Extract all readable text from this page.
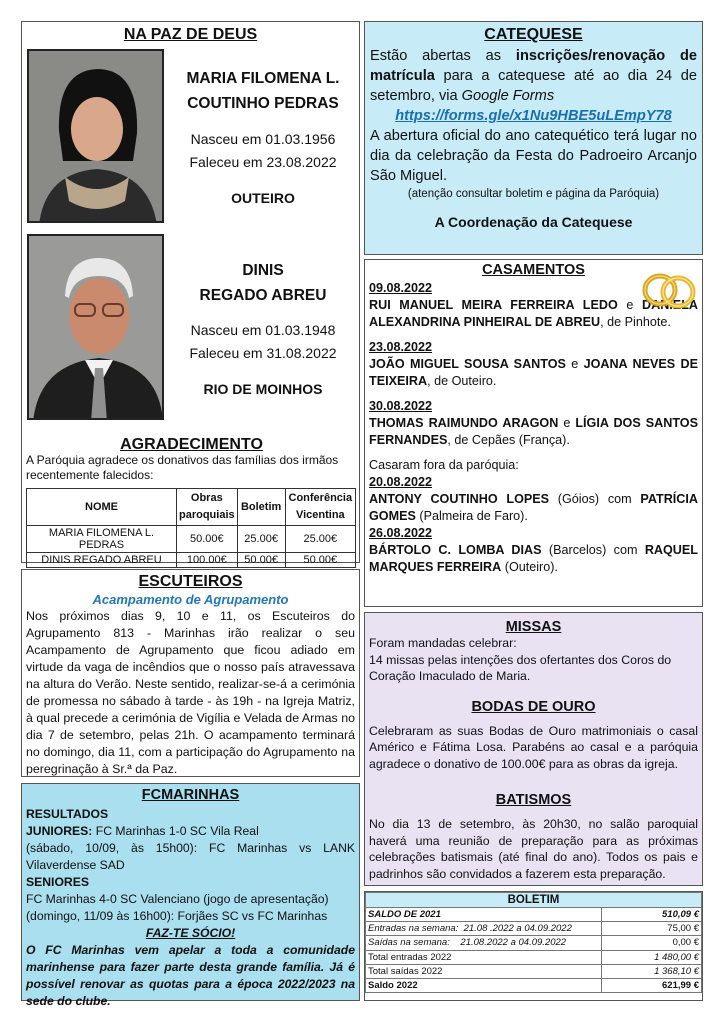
NA PAZ DE DEUS
MARIA FILOMENA L.
COUTINHO PEDRAS
Nasceu em 01.03.1956
Faleceu em 23.08.2022
OUTEIRO
DINIS
REGADO ABREU
Nasceu em 01.03.1948
Faleceu em 31.08.2022
RIO DE MOINHOS
AGRADECIMENTO
A Paróquia agradece os donativos das famílias dos irmãos recentemente falecidos:
NOME	Obras paroquiais	Boletim	Conferência Vicentina
MARIA FILOMENA L. PEDRAS	50.00€	25.00€	25.00€
DINIS REGADO ABREU	100.00€	50.00€	50.00€
ESCUTEIROS
Acampamento de Agrupamento
Nos próximos dias 9, 10 e 11, os Escuteiros do Agrupamento 813 - Marinhas irão realizar o seu Acampamento de Agrupamento que ficou adiado em virtude da vaga de incêndios que o nosso país atravessava na altura do Verão. Neste sentido, realizar-se-á a cerimónia de promessa no sábado à tarde - às 19h - na Igreja Matriz, à qual precede a cerimónia de Vigília e Velada de Armas no dia 7 de setembro, pelas 21h. O acampamento terminará no domingo, dia 11, com a participação do Agrupamento na peregrinação à Sr.ª da Paz.
FCMARINHAS
RESULTADOS
JUNIORES: FC Marinhas 1-0 SC Vila Real
(sábado, 10/09, às 15h00): FC Marinhas vs LANK Vilaverdense SAD
SENIORES
FC Marinhas 4-0 SC Valenciano (jogo de apresentação)
(domingo, 11/09 às 16h00): Forjães SC vs FC Marinhas
FAZ-TE SÓCIO!
O FC Marinhas vem apelar a toda a comunidade marinhense para fazer parte desta grande família. Já é possível renovar as quotas para a época 2022/2023 na sede do clube.
CATEQUESE
Estão abertas as inscrições/renovação de matrícula para a catequese até ao dia 24 de setembro, via Google Forms
https://forms.gle/x1Nu9HBE5uLEmpY78
A abertura oficial do ano catequético terá lugar no dia da celebração da Festa do Padroeiro Arcanjo São Miguel.
(atenção consultar boletim e página da Paróquia)
A Coordenação da Catequese
CASAMENTOS
09.08.2022
RUI MANUEL MEIRA FERREIRA LEDO e DANIELA ALEXANDRINA PINHEIRAL DE ABREU, de Pinhote.
23.08.2022
JOÃO MIGUEL SOUSA SANTOS e JOANA NEVES DE TEIXEIRA, de Outeiro.
30.08.2022
THOMAS RAIMUNDO ARAGON e LÍGIA DOS SANTOS FERNANDES, de Cepães (França).
Casaram fora da paróquia:
20.08.2022
ANTONY COUTINHO LOPES (Góios) com PATRÍCIA GOMES (Palmeira de Faro).
26.08.2022
BÁRTOLO C. LOMBA DIAS (Barcelos) com RAQUEL MARQUES FERREIRA (Outeiro).
MISSAS
Foram mandadas celebrar:
14 missas pelas intenções dos ofertantes dos Coros do Coração Imaculado de Maria.
BODAS DE OURO
Celebraram as suas Bodas de Ouro matrimoniais o casal Américo e Fátima Losa. Parabéns ao casal e a paróquia agradece o donativo de 100.00€ para as obras da igreja.
BATISMOS
No dia 13 de setembro, às 20h30, no salão paroquial haverá uma reunião de preparação para as próximas celebrações batismais (até final do ano). Todos os pais e padrinhos são convidados a fazerem esta preparação.
BOLETIM	
SALDO DE 2021	510,09 €
Entradas na semana:  21.08 .2022 a 04.09.2022	75,00 €
Saídas na semana:    21.08.2022 a 04.09.2022	0,00 €
Total entradas 2022	1 480,00 €
Total saídas 2022	1 368,10 €
Saldo 2022	621,99 €
